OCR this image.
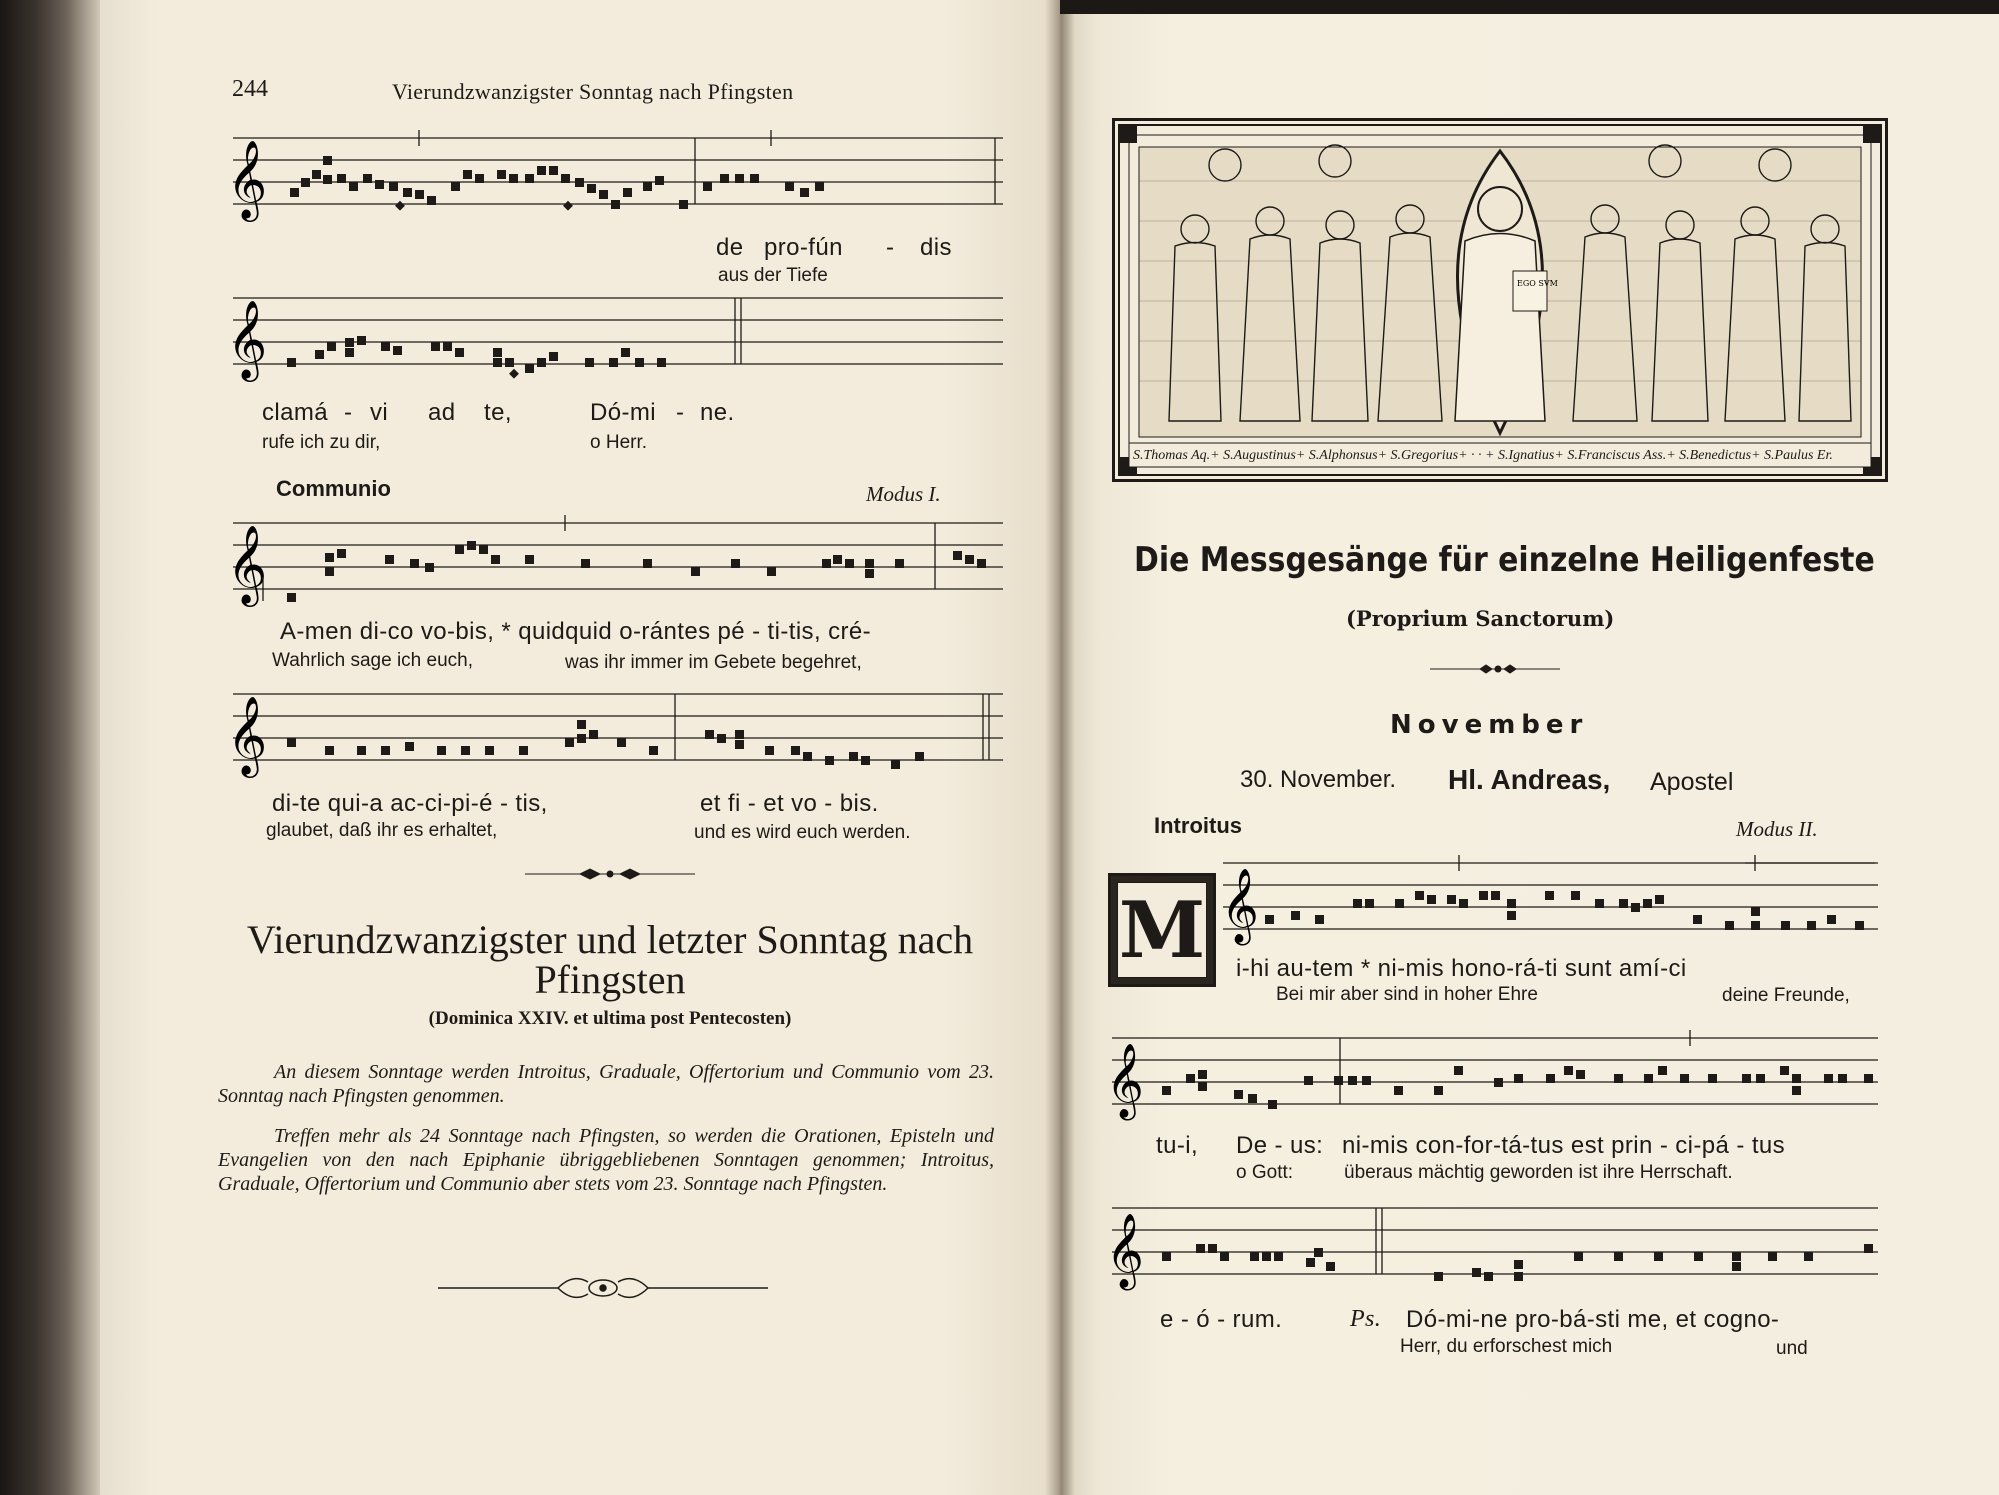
244	Vierundzwanzigster Sonntag nach Pfingsten
𝄞
de pro-fún - dis
aus der Tiefe
𝄞
clamá - vi ad te,	Dó-mi - ne.
rufe ich zu dir,	o Herr.
Communio	Modus I.
𝄞
A-men di-co vo-bis, * quidquid o-rántes pé - ti-tis, cré-
Wahrlich sage ich euch,	was ihr immer im Gebete begehret,
𝄞
di-te qui-a ac-ci-pi-é - tis,	et fi - et vo - bis.
glaubet, daß ihr es erhaltet,	und es wird euch werden.
Vierundzwanzigster und letzter Sonntag nach Pfingsten
(Dominica XXIV. et ultima post Pentecosten)
An diesem Sonntage werden Introitus, Graduale, Offertorium und Communio vom 23. Sonntag nach Pfingsten genommen.
Treffen mehr als 24 Sonntage nach Pfingsten, so werden die Orationen, Episteln und Evangelien von den nach Epiphanie übriggebliebenen Sonntagen genommen; Introitus, Graduale, Offertorium und Communio aber stets vom 23. Sonntage nach Pfingsten.
EGO SVM
S.Thomas Aq.+ S.Augustinus+ S.Alphonsus+ S.Gregorius+ · · + S.Ignatius+ S.Franciscus Ass.+ S.Benedictus+ S.Paulus Er.
Die Messgesänge für einzelne Heiligenfeste
(Proprium Sanctorum)
November
30. November. Hl. Andreas, Apostel
Introitus	Modus II.
M 𝄞
i-hi au-tem * ni-mis hono-rá-ti sunt amí-ci
Bei mir aber sind in hoher Ehre	deine Freunde,
𝄞
tu-i, De - us: ni-mis con-for-tá-tus est prin - ci-pá - tus
o Gott:	überaus mächtig geworden ist ihre Herrschaft.
𝄞
e - ó - rum.	Ps. Dó-mi-ne pro-bá-sti me, et cogno-
Herr, du erforschest mich	und
